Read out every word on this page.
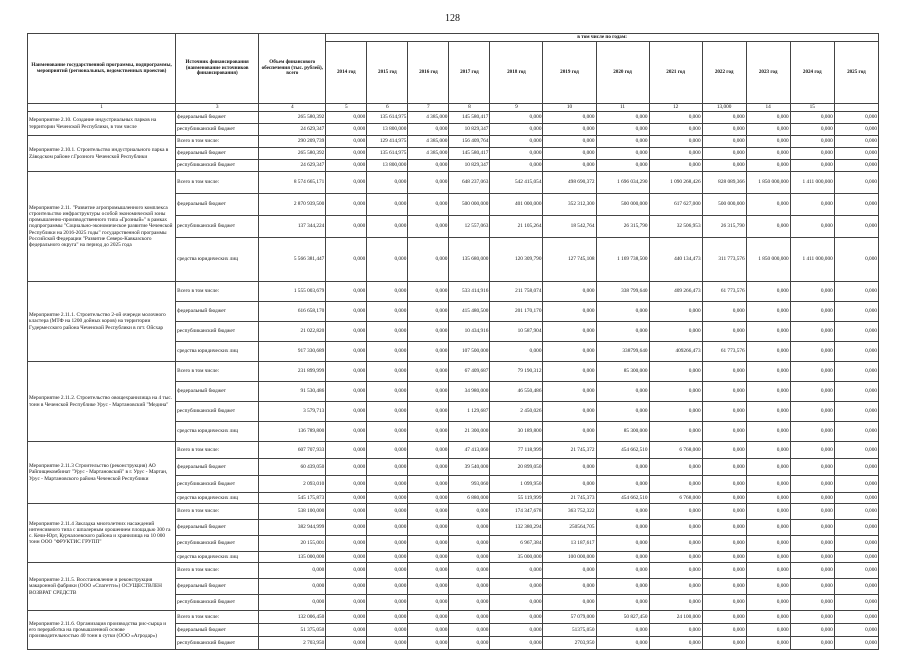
128
Наименование государственной программы, подпрограммы, мероприятий (региональных, ведомственных проектов)	Источник финансирования (наименование источников финансирования)	Объем финансового обеспечения (тыс. рублей), всего	в том числе по годам:											
			2014 год	2015 год	2016 год	2017 год	2018 год	2019 год	2020 год	2021 год	2022 год	2023 год	2024 год	2025 год
1	3	4	5	6	7	8	9	10	11	12	13,000	14	15	
Мероприятие 2.10. Создание индустриальных парков на территории Чеченской Республики, в том числе	федеральный бюджет	265 580,392	0,000	135 614,975	4 385,000	145 580,417	0,000	0,000	0,000	0,000	0,000	0,000	0,000	0,000
	республиканский бюджет	24 629,347	0,000	13 800,000	0,000	10 829,347	0,000	0,000	0,000	0,000	0,000	0,000	0,000	0,000
Мероприятие 2.10.1. Строительство индустриального парка в Záводском районе г.Грозного Чеченской Республики	Всего в том числе:	290 209,739	0,000	129 414,975	4 385,000	156 409,764	0,000	0,000	0,000	0,000	0,000	0,000	0,000	0,000
	федеральный бюджет	265 580,392	0,000	135 614,975	4 385,000	145 580,417	0,000	0,000	0,000	0,000	0,000	0,000	0,000	0,000
	республиканский бюджет	24 629,347	0,000	13 800,000	0,000	10 829,347	0,000	0,000	0,000	0,000	0,000	0,000	0,000	0,000
Мероприятие 2.11. "Развитие агропромышленного комплекса строительство инфраструктуры особой экономической зоны промышленно-производственного типа «Грозный»" в рамках подпрограммы "Социально-экономическое развитие Чеченской Республики на 2016-2025 годы" государственной программы Российской Федерации "Развитие Северо-Кавказского федерального округа" на период до 2025 года	Всего в том числе:	8 574 665,171	0,000	0,000	0,000	648 237,063	542 415,054	498 690,372	1 696 034,290	1 090 268,426	828 089,366	1 850 000,000	1 411 000,000	0,000
	федеральный бюджет	2 870 939,500	0,000	0,000	0,000	500 000,000	401 000,000	352 312,300	500 000,000	617 627,000	500 000,000	0,000	0,000	0,000
	республиканский бюджет	137 344,224	0,000	0,000	0,000	12 557,063	21 105,264	18 542,764	26 315,790	32 506,953	26 315,790	0,000	0,000	0,000
	средства юридических лиц	5 566 381,447	0,000	0,000	0,000	135 680,000	120 309,790	127 745,108	1 169 738,500	440 134,473	311 773,576	1 850 000,000	1 411 000,000	0,000
Мероприятие 2.11.1. Строительство 2-ой очереди молочного кластера (МТФ на 1200 дойных коров) на территории Гудермесского района Чеченской Республики в пгт. Ойсхар	Всего в том числе:	1 555 003,679	0,000	0,000	0,000	533 414,916	211 758,074	0,000	338 799,640	409 266,473	61 773,576	0,000	0,000	0,000
	федеральный бюджет	616 658,170	0,000	0,000	0,000	415 480,500	201 170,170	0,000	0,000	0,000	0,000	0,000	0,000	0,000
	республиканский бюджет	21 022,820	0,000	0,000	0,000	10 434,916	10 587,904	0,000	0,000	0,000	0,000	0,000	0,000	0,000
	средства юридических лиц	917 330,689	0,000	0,000	0,000	107 500,000	0,000	0,000	338799,640	409266,473	61 773,576	0,000	0,000	0,000
Мероприятие 2.11.2. Строительство овощехранилища на 4 тыс. тонн в Чеченской Республике Урус - Мартановский "Медина"	Всего в том числе:	231 899,999	0,000	0,000	0,000	67 409,687	79 190,312	0,000	85 300,000	0,000	0,000	0,000	0,000	0,000
	федеральный бюджет	91 530,486	0,000	0,000	0,000	34 980,000	46 550,486	0,000	0,000	0,000	0,000	0,000	0,000	0,000
	республиканский бюджет	3 579,713	0,000	0,000	0,000	1 129,687	2 450,026	0,000	0,000	0,000	0,000	0,000	0,000	0,000
	средства юридических лиц	136 789,800	0,000	0,000	0,000	21 300,000	30 189,800	0,000	85 300,000	0,000	0,000	0,000	0,000	0,000
Мероприятие 2.11.3 Строительство (реконструкция) АО Райпищекомбинат "Урус - Мартановский" в г. Урус - Мартан, Урус - Мартановского района Чеченской Республики	Всего в том числе:	607 707,933	0,000	0,000	0,000	47 413,060	77 118,999	21 745,372	454 662,510	6 768,000	0,000	0,000	0,000	0,000
	федеральный бюджет	60 439,050	0,000	0,000	0,000	39 540,000	20 899,050	0,000	0,000	0,000	0,000	0,000	0,000	0,000
	республиканский бюджет	2 093,010	0,000	0,000	0,000	993,060	1 099,950	0,000	0,000	0,000	0,000	0,000	0,000	0,000
	средства юридических лиц	545 175,873	0,000	0,000	0,000	6 880,000	55 119,999	21 745,373	454 662,510	6 768,000	0,000	0,000	0,000	0,000
Мероприятие 2.11.4 Закладка многолетних насаждений интенсивного типа с шпалерным орошением площадью 300 га с. Кечи-Юрт, Курчалоевского района и хранилища на 10 000 тонн ООО "ФРУКТИС ГРУПП"	Всего в том числе:	538 100,000	0,000	0,000	0,000	0,000	174 347,678	363 752,322	0,000	0,000	0,000	0,000	0,000	0,000
	федеральный бюджет	382 944,999	0,000	0,000	0,000	0,000	132 380,294	250564,705	0,000	0,000	0,000	0,000	0,000	0,000
	республиканский бюджет	20 155,001	0,000	0,000	0,000	0,000	6 967,384	13 187,617	0,000	0,000	0,000	0,000	0,000	0,000
	средства юридических лиц	135 000,000	0,000	0,000	0,000	0,000	35 000,000	100 000,000	0,000	0,000	0,000	0,000	0,000	0,000
Мероприятие 2.11.5. Восстановление и реконструкция макаронной фабрики (ООО «Спагетти») ОСУЩЕСТВЛЕН ВОЗВРАТ СРЕДСТВ	Всего в том числе:	0,000	0,000	0,000	0,000	0,000	0,000	0,000	0,000	0,000	0,000	0,000	0,000	0,000
	федеральный бюджет	0,000	0,000	0,000	0,000	0,000	0,000	0,000	0,000	0,000	0,000	0,000	0,000	0,000
	республиканский бюджет	0,000	0,000	0,000	0,000	0,000	0,000	0,000	0,000	0,000	0,000	0,000	0,000	0,000
Мероприятие 2.11.6. Организация производства рис-сырца и его переработка на промышленной основе производительностью 40 тонн в сутки (ООО «Агродар»)	Всего в том числе:	132 006,450	0,000	0,000	0,000	0,000	0,000	57 079,000	50 827,450	24 100,000	0,000	0,000	0,000	0,000
	федеральный бюджет	51 375,050	0,000	0,000	0,000	0,000	0,000	51375,050	0,000	0,000	0,000	0,000	0,000	0,000
	республиканский бюджет	2 703,950	0,000	0,000	0,000	0,000	0,000	2703,950	0,000	0,000	0,000	0,000	0,000	0,000
